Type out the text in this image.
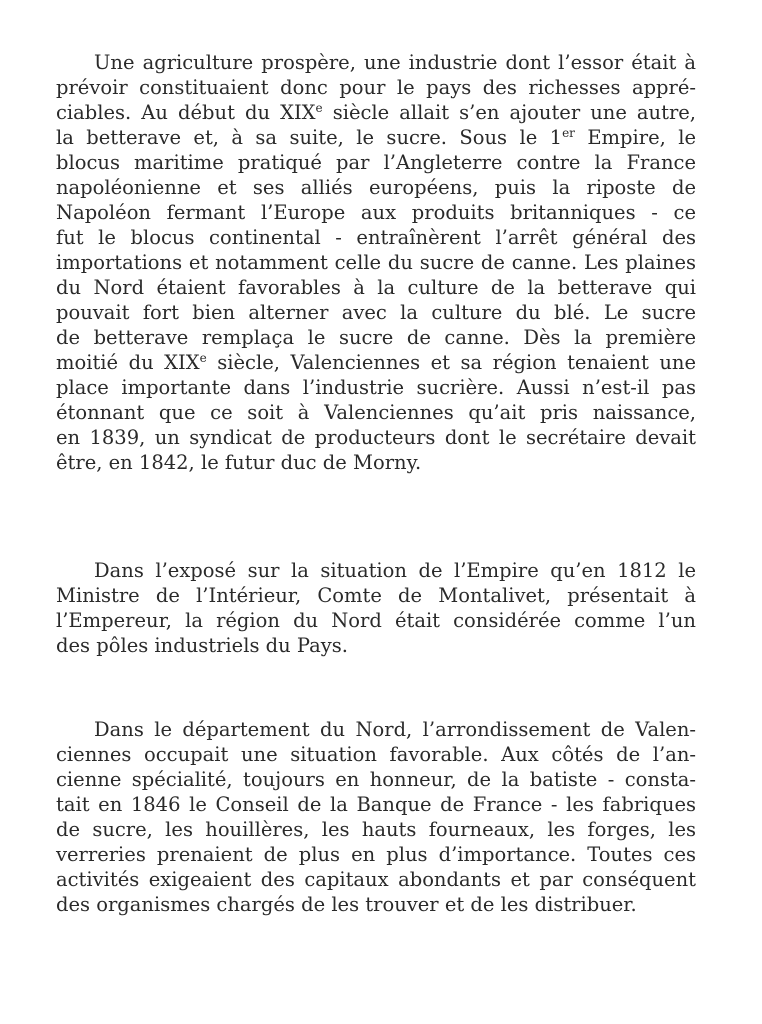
Une agriculture prospère, une industrie dont l’essor était à
prévoir constituaient donc pour le pays des richesses appré-
ciables. Au début du XIXe siècle allait s’en ajouter une autre,
la betterave et, à sa suite, le sucre. Sous le 1er Empire, le
blocus maritime pratiqué par l’Angleterre contre la France
napoléonienne et ses alliés européens, puis la riposte de
Napoléon fermant l’Europe aux produits britanniques - ce
fut le blocus continental - entraînèrent l’arrêt général des
importations et notamment celle du sucre de canne. Les plaines
du Nord étaient favorables à la culture de la betterave qui
pouvait fort bien alterner avec la culture du blé. Le sucre
de betterave remplaça le sucre de canne. Dès la première
moitié du XIXe siècle, Valenciennes et sa région tenaient une
place importante dans l’industrie sucrière. Aussi n’est-il pas
étonnant que ce soit à Valenciennes qu’ait pris naissance,
en 1839, un syndicat de producteurs dont le secrétaire devait
être, en 1842, le futur duc de Morny.
Dans l’exposé sur la situation de l’Empire qu’en 1812 le
Ministre de l’Intérieur, Comte de Montalivet, présentait à
l’Empereur, la région du Nord était considérée comme l’un
des pôles industriels du Pays.
Dans le département du Nord, l’arrondissement de Valen-
ciennes occupait une situation favorable. Aux côtés de l’an-
cienne spécialité, toujours en honneur, de la batiste - consta-
tait en 1846 le Conseil de la Banque de France - les fabriques
de sucre, les houillères, les hauts fourneaux, les forges, les
verreries prenaient de plus en plus d’importance. Toutes ces
activités exigeaient des capitaux abondants et par conséquent
des organismes chargés de les trouver et de les distribuer.
